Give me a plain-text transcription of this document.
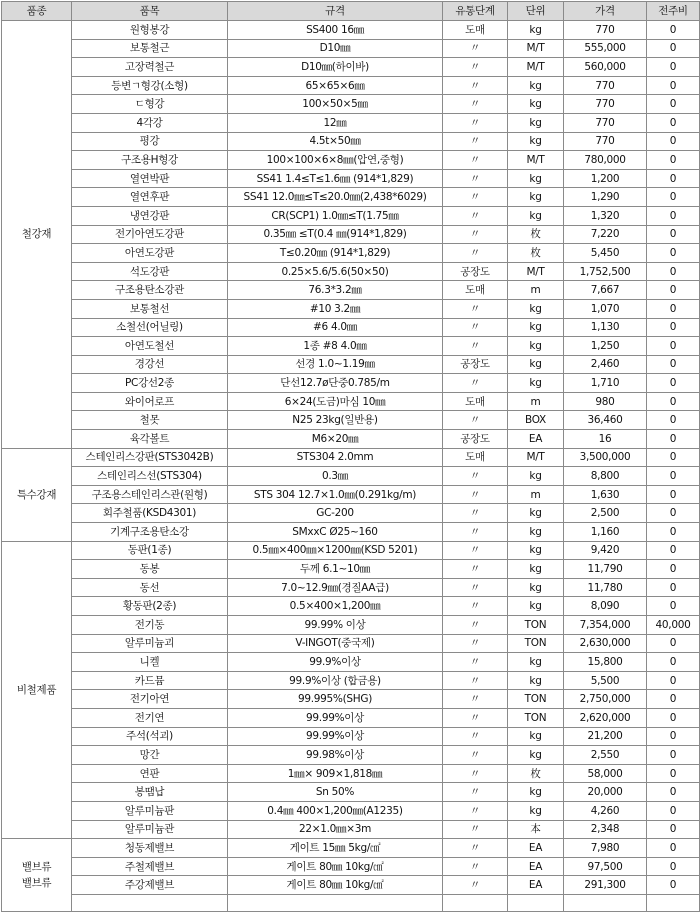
품종	품목	규격	유통단계	단위	가격	전주비

철강재	원형봉강	SS400 16㎜	도매	kg	770	0
	보통철근	D10㎜	〃	M/T	555,000	0
	고장력철근	D10㎜(하이바)	〃	M/T	560,000	0
	등변ㄱ형강(소형)	65×65×6㎜	〃	kg	770	0
	ㄷ형강	100×50×5㎜	〃	kg	770	0
	4각강	12㎜	〃	kg	770	0
	평강	4.5t×50㎜	〃	kg	770	0
	구조용H형강	100×100×6×8㎜(압연,중형)	〃	M/T	780,000	0
	열연박판	SS41 1.4≤T≤1.6㎜ (914*1,829)	〃	kg	1,200	0
	열연후판	SS41 12.0㎜≤T≤20.0㎜(2,438*6029)	〃	kg	1,290	0
	냉연강판	CR(SCP1) 1.0㎜≤T(1.75㎜	〃	kg	1,320	0
	전기아연도강판	0.35㎜ ≤T(0.4 ㎜(914*1,829)	〃	枚	7,220	0
	아연도강판	T≤0.20㎜ (914*1,829)	〃	枚	5,450	0
	석도강판	0.25×5.6/5.6(50×50)	공장도	M/T	1,752,500	0
	구조용탄소강관	76.3*3.2㎜	도매	m	7,667	0
	보통철선	#10 3.2㎜	〃	kg	1,070	0
	소철선(어닐링)	#6 4.0㎜	〃	kg	1,130	0
	아연도철선	1종 #8 4.0㎜	〃	kg	1,250	0
	경강선	선경 1.0~1.19㎜	공장도	kg	2,460	0
	PC강선2종	단선12.7ø단중0.785/m	〃	kg	1,710	0
	와이어로프	6×24(도금)마심 10㎜	도매	m	980	0
	철못	N25 23kg(일반용)	〃	BOX	36,460	0
	육각볼트	M6×20㎜	공장도	EA	16	0

특수강재	스테인리스강판(STS3042B)	STS304 2.0mm	도매	M/T	3,500,000	0
	스테인리스선(STS304)	0.3㎜	〃	kg	8,800	0
	구조용스테인리스관(원형)	STS 304 12.7×1.0㎜(0.291kg/m)	〃	m	1,630	0
	회주철품(KSD4301)	GC-200	〃	kg	2,500	0
	기계구조용탄소강	SMxxC Ø25~160	〃	kg	1,160	0

비철제품	동판(1종)	0.5㎜×400㎜×1200㎜(KSD 5201)	〃	kg	9,420	0
	동봉	두께 6.1~10㎜	〃	kg	11,790	0
	동선	7.0~12.9㎜(경질AA급)	〃	kg	11,780	0
	황동판(2종)	0.5×400×1,200㎜	〃	kg	8,090	0
	전기동	99.99% 이상	〃	TON	7,354,000	40,000
	알루미늄괴	V-INGOT(중국제)	〃	TON	2,630,000	0
	니켈	99.9%이상	〃	kg	15,800	0
	카드뮴	99.9%이상 (합금용)	〃	kg	5,500	0
	전기아연	99.995%(SHG)	〃	TON	2,750,000	0
	전기연	99.99%이상	〃	TON	2,620,000	0
	주석(석괴)	99.99%이상	〃	kg	21,200	0
	망간	99.98%이상	〃	kg	2,550	0
	연판	1㎜× 909×1,818㎜	〃	枚	58,000	0
	봉땜납	Sn 50%	〃	kg	20,000	0
	알루미늄판	0.4㎜ 400×1,200㎜(A1235)	〃	kg	4,260	0
	알루미늄관	22×1.0㎜×3m	〃	本	2,348	0

밸브류
밸브류	청동제밸브	게이트 15㎜ 5kg/㎠	〃	EA	7,980	0
	주철제밸브	게이트 80㎜ 10kg/㎠	〃	EA	97,500	0
	주강제밸브	게이트 80㎜ 10kg/㎠	〃	EA	291,300	0
